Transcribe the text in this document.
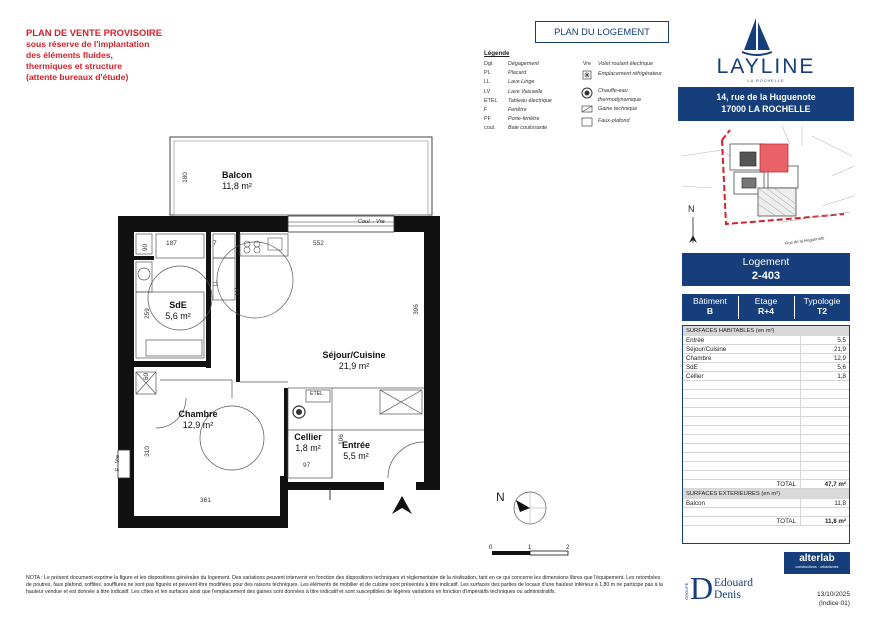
PLAN DE VENTE PROVISOIRE
sous réserve de l'implantation
des éléments fluides,
thermiques et structure
(attente bureaux d'étude)
Légende
Dgt	Dégagement
PL	Placard
LL	Lave Linge
LV	Lave Vaisselle
ETEL	Tableau électrique
F	Fenêtre
PF	Porte-fenêtre
coul.	Baie coulissante
Vre	Volet roulant électrique
Emplacement réfrigérateur
Chauffe-eau thermodynamique
Gaine technique
Faux-plafond
PLAN DU LOGEMENT
LAYLINE
LA ROCHELLE
14, rue de la Huguenote
17000 LA ROCHELLE
N
Rue de la Huguenote
Logement
2-403
Bâtiment	Etage	Typologie
B	R+4	T2
SURFACES HABITABLES (en m²)
Entrée	5,5
Séjour/Cuisine	21,9
Chambre	12,9
SdE	5,6
Cellier	1,8
TOTAL	47,7 m²
SURFACES EXTERIEURES (en m²)
Balcon	11,8
TOTAL	11,8 m²
Balcon
11,8 m²
SdE
5,6 m²
Séjour/Cuisine
21,9 m²
Chambre
12,9 m²
Cellier
1,8 m²	Entrée
5,5 m²
Coul. - Vre
ETEL
LV
F - Vre
LL
180
90
187	7	552
396
259
60
310
361
106
97
N
0	1	2
NOTA : Le présent document exprime la figure et les dispositions générales du logement. Des variations peuvent intervenir en fonction des dispositions techniques et réglementaire de la réalisation, tant en ce qui concerne les dimensions libres que l'équipement. Les retombées de poutres, faux plafond, soffites, soufflures ne sont pas figurés et peuvent être modifiées pour des raisons techniques. Les éléments de mobilier et de cuisine sont présentés à titre indicatif. Les surfaces des parties de locaux d'une hauteur inférieur à 1,80 m ne participe pas à la hauteur vendue et est donnée à titre indicatif. Les côtes et les surfaces ainsi que l'emplacement des gaines sont données à titre indicatif et sont susceptibles de légères variations en fonction d'impératifs techniques ou administratifs.
alterlab
constructions · urbanismes
GROUPE D Edouard
Denis	13/10/2025
(Indice 01)
